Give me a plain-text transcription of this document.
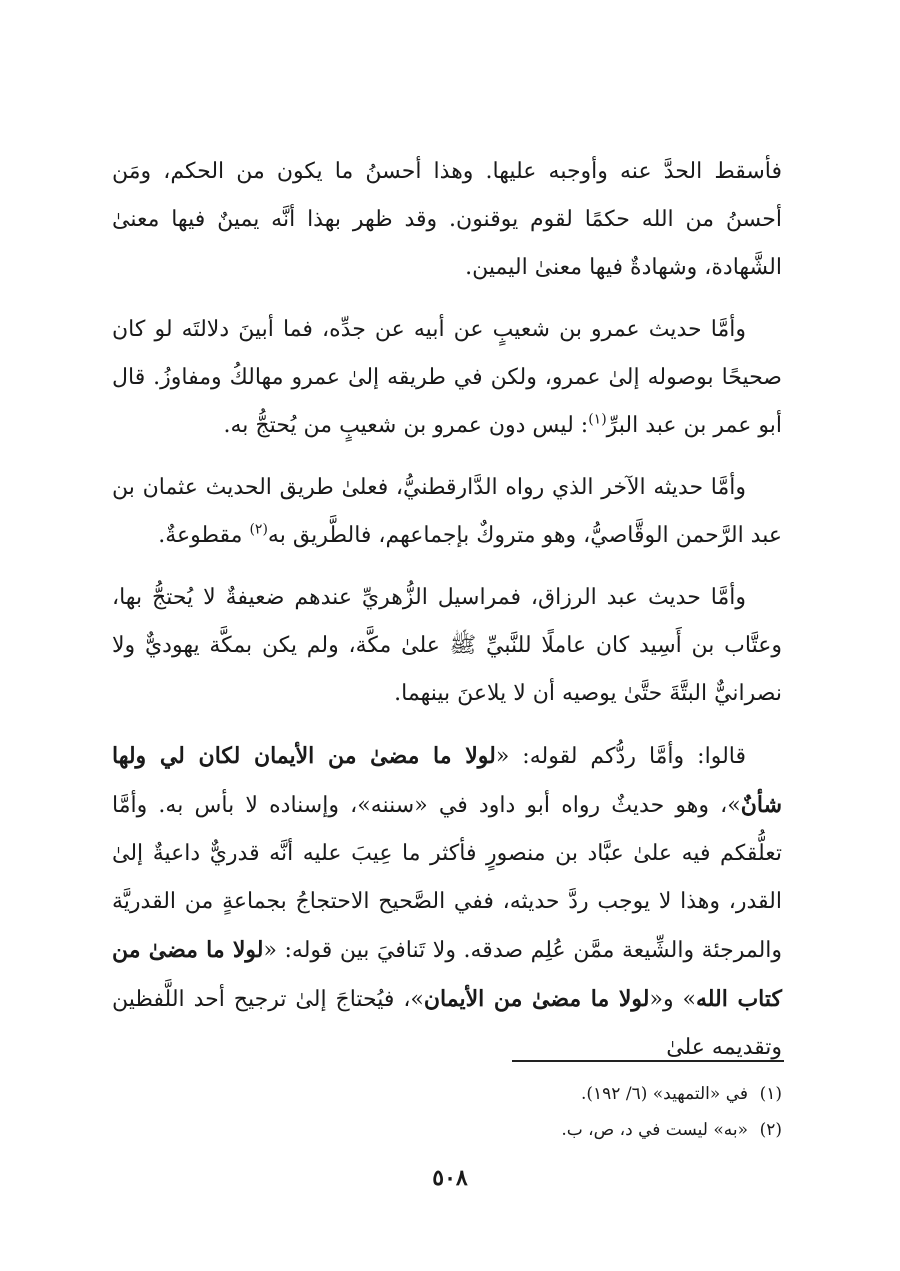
فأسقط الحدَّ عنه وأوجبه عليها. وهذا أحسنُ ما يكون من الحكم، ومَن أحسنُ من الله حكمًا لقوم يوقنون. وقد ظهر بهذا أنَّه يمينٌ فيها معنىٰ الشَّهادة، وشهادةٌ فيها معنىٰ اليمين.

وأمَّا حديث عمرو بن شعيبٍ عن أبيه عن جدِّه، فما أبينَ دلالتَه لو كان صحيحًا بوصوله إلىٰ عمرو، ولكن في طريقه إلىٰ عمرو مهالكُ ومفاوزُ. قال أبو عمر بن عبد البرِّ$^{(١)}$: ليس دون عمرو بن شعيبٍ من يُحتجُّ به.

وأمَّا حديثه الآخر الذي رواه الدَّارقطنيُّ، فعلىٰ طريق الحديث عثمان بن عبد الرَّحمن الوقَّاصيُّ، وهو متروكٌ بإجماعهم، فالطَّريق به$^{(٢)}$ مقطوعةٌ.

وأمَّا حديث عبد الرزاق، فمراسيل الزُّهريِّ عندهم ضعيفةٌ لا يُحتجُّ بها، وعتَّاب بن أَسِيد كان عاملًا للنَّبيِّ ﷺ علىٰ مكَّة، ولم يكن بمكَّة يهوديٌّ ولا نصرانيٌّ البتَّةَ حتَّىٰ يوصيه أن لا يلاعنَ بينهما.

قالوا: وأمَّا ردُّكم لقوله: «لولا ما مضىٰ من الأيمان لكان لي ولها شأنٌ»، وهو حديثٌ رواه أبو داود في «سننه»، وإسناده لا بأس به. وأمَّا تعلُّقكم فيه علىٰ عبَّاد بن منصورٍ فأكثر ما عِيبَ عليه أنَّه قدريٌّ داعيةٌ إلىٰ القدر، وهذا لا يوجب ردَّ حديثه، ففي الصَّحيح الاحتجاجُ بجماعةٍ من القدريَّة والمرجئة والشِّيعة ممَّن عُلِم صدقه. ولا تَنافيَ بين قوله: «لولا ما مضىٰ من كتاب الله» و«لولا ما مضىٰ من الأيمان»، فيُحتاجَ إلىٰ ترجيح أحد اللَّفظين وتقديمه علىٰ

(١)في «التمهيد» (٦/ ١٩٢).

(٢)«به» ليست في د، ص، ب.

٥٠٨
